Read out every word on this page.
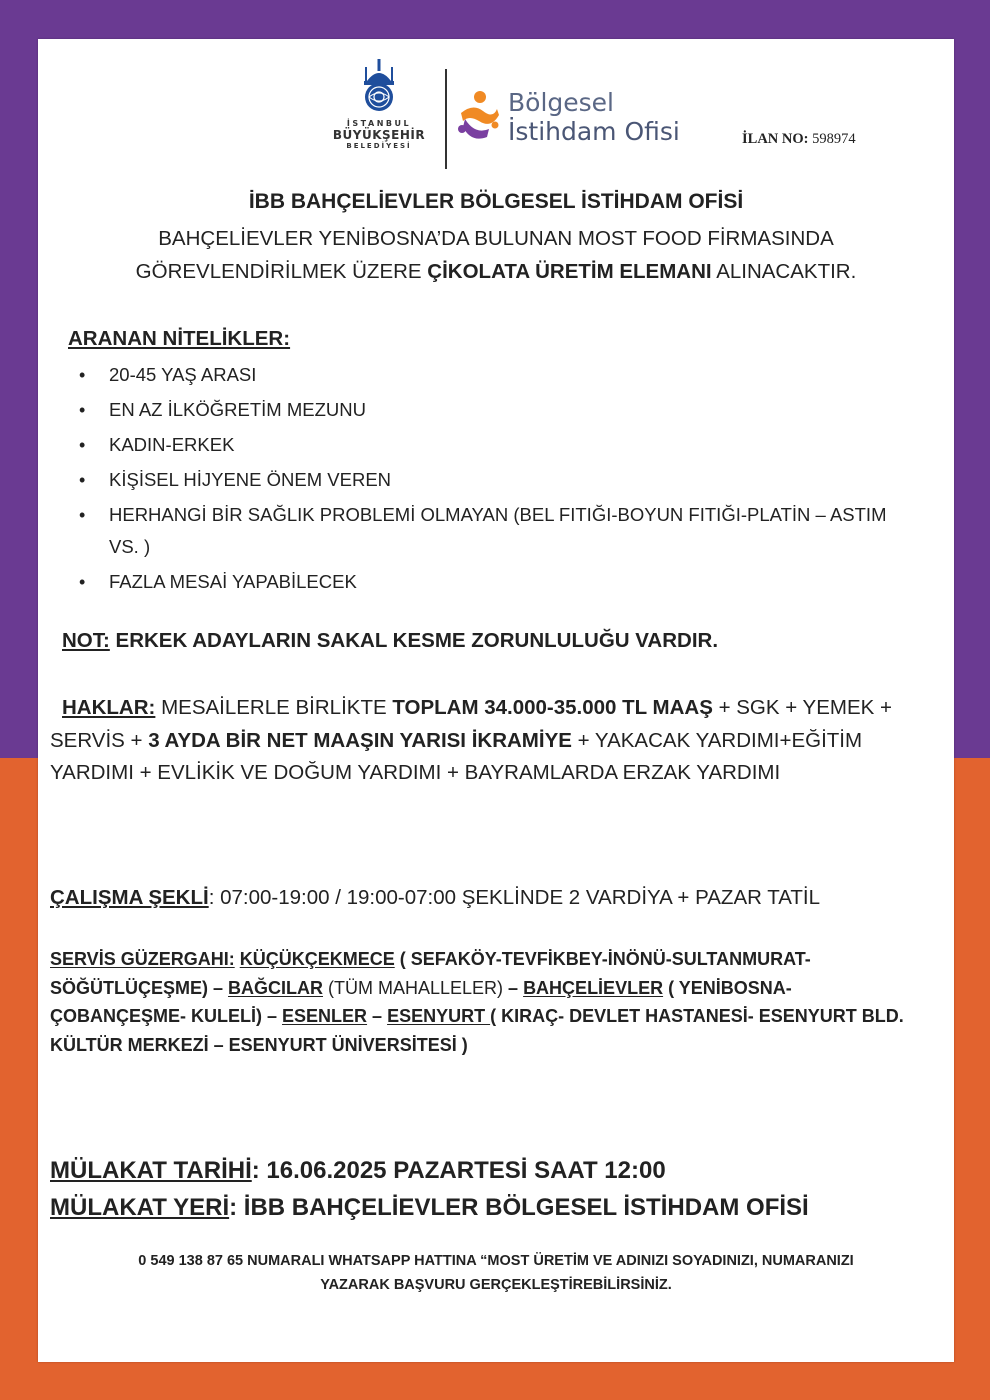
İSTANBUL
BÜYÜKŞEHİR
BELEDİYESİ
Bölgesel
İstihdam Ofisi	İLAN NO: 598974
İBB BAHÇELİEVLER BÖLGESEL İSTİHDAM OFİSİ
BAHÇELİEVLER YENİBOSNA’DA BULUNAN MOST FOOD FİRMASINDA
GÖREVLENDİRİLMEK ÜZERE ÇİKOLATA ÜRETİM ELEMANI ALINACAKTIR.
ARANAN NİTELİKLER:
• 20-45 YAŞ ARASI
• EN AZ İLKÖĞRETİM MEZUNU
• KADIN-ERKEK
• KİŞİSEL HİJYENE ÖNEM VEREN
• HERHANGİ BİR SAĞLIK PROBLEMİ OLMAYAN (BEL FITIĞI-BOYUN FITIĞI-PLATİN – ASTIM VS. )
• FAZLA MESAİ YAPABİLECEK
NOT: ERKEK ADAYLARIN SAKAL KESME ZORUNLULUĞU VARDIR.
HAKLAR: MESAİLERLE BİRLİKTE TOPLAM 34.000-35.000 TL MAAŞ + SGK + YEMEK + SERVİS + 3 AYDA BİR NET MAAŞIN YARISI İKRAMİYE + YAKACAK YARDIMI+EĞİTİM YARDIMI + EVLİKİK VE DOĞUM YARDIMI + BAYRAMLARDA ERZAK YARDIMI
ÇALIŞMA ŞEKLİ: 07:00-19:00 / 19:00-07:00 ŞEKLİNDE 2 VARDİYA + PAZAR TATİL
SERVİS GÜZERGAHI: KÜÇÜKÇEKMECE ( SEFAKÖY-TEVFİKBEY-İNÖNÜ-SULTANMURAT-SÖĞÜTLÜÇEŞME) – BAĞCILAR (TÜM MAHALLELER) – BAHÇELİEVLER ( YENİBOSNA-ÇOBANÇEŞME- KULELİ) – ESENLER – ESENYURT ( KIRAÇ- DEVLET HASTANESİ- ESENYURT BLD. KÜLTÜR MERKEZİ – ESENYURT ÜNİVERSİTESİ )
MÜLAKAT TARİHİ: 16.06.2025 PAZARTESİ SAAT 12:00
MÜLAKAT YERİ: İBB BAHÇELİEVLER BÖLGESEL İSTİHDAM OFİSİ
0 549 138 87 65 NUMARALI WHATSAPP HATTINA “MOST ÜRETİM VE ADINIZI SOYADINIZI, NUMARANIZI
YAZARAK BAŞVURU GERÇEKLEŞTİREBİLİRSİNİZ.
